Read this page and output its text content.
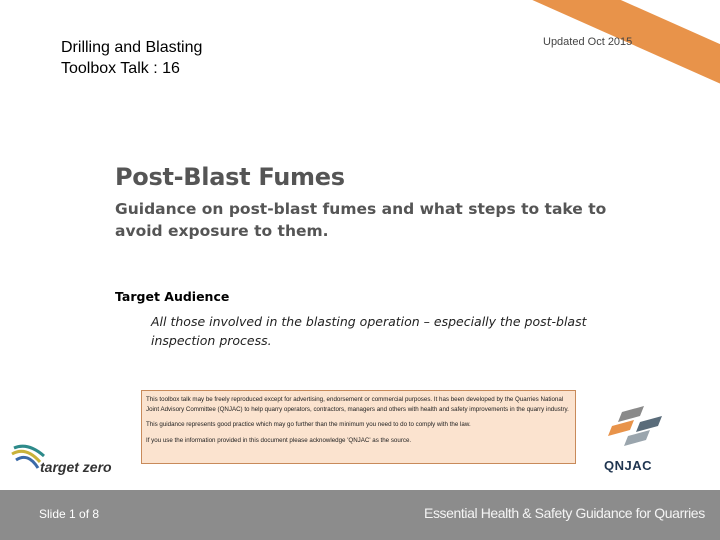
Drilling and Blasting
Toolbox Talk : 16
Updated Oct 2015
Post-Blast Fumes
Guidance on post-blast fumes and what steps to take to avoid exposure to them.
Target Audience
All those involved in the blasting operation – especially the post-blast inspection process.

This toolbox talk may be freely reproduced except for advertising, endorsement or commercial purposes. It has been developed by the Quarries National Joint Advisory Committee (QNJAC) to help quarry operators, contractors, managers and others with health and safety improvements in the quarry industry.

This guidance represents good practice which may go further than the minimum you need to do to comply with the law.

If you use the information provided in this document please acknowledge 'QNJAC' as the source.

target zero	QNJAC
Slide 1 of 8	Essential Health & Safety Guidance for Quarries
